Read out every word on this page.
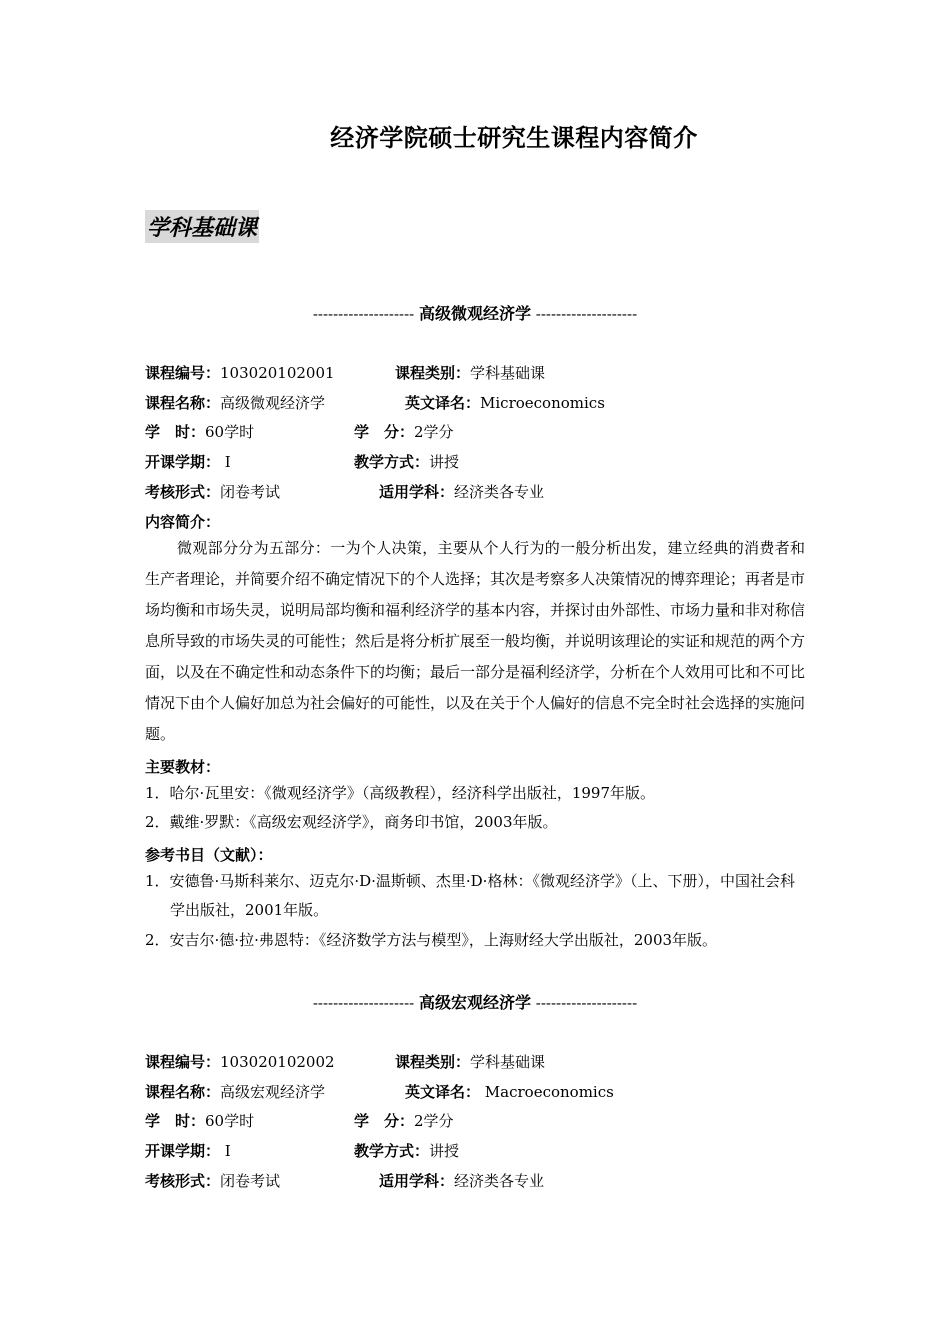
经济学院硕士研究生课程内容简介
学科基础课
-------------------- 高级微观经济学 --------------------
课程编号：103020102001	课程类别：学科基础课
课程名称：高级微观经济学	英文译名：Microeconomics
学　时：60学时	学　分：2学分
开课学期： Ⅰ	教学方式：讲授
考核形式：闭卷考试	适用学科：经济类各专业
内容简介：
微观部分分为五部分：一为个人决策，主要从个人行为的一般分析出发，建立经典的消费者和生产者理论，并简要介绍不确定情况下的个人选择；其次是考察多人决策情况的博弈理论；再者是市场均衡和市场失灵，说明局部均衡和福利经济学的基本内容，并探讨由外部性、市场力量和非对称信息所导致的市场失灵的可能性；然后是将分析扩展至一般均衡，并说明该理论的实证和规范的两个方面，以及在不确定性和动态条件下的均衡；最后一部分是福利经济学，分析在个人效用可比和不可比情况下由个人偏好加总为社会偏好的可能性，以及在关于个人偏好的信息不完全时社会选择的实施问题。
主要教材：
1．哈尔·瓦里安：《微观经济学》（高级教程），经济科学出版社，1997年版。
2．戴维·罗默：《高级宏观经济学》，商务印书馆，2003年版。
参考书目（文献）：
1．安德鲁·马斯科莱尔、迈克尔·D·温斯顿、杰里·D·格林：《微观经济学》（上、下册），中国社会科学出版社，2001年版。
2．安吉尔·德·拉·弗恩特：《经济数学方法与模型》，上海财经大学出版社，2003年版。
-------------------- 高级宏观经济学 --------------------
课程编号：103020102002	课程类别：学科基础课
课程名称：高级宏观经济学	英文译名： Macroeconomics
学　时：60学时	学　分：2学分
开课学期： Ⅰ	教学方式：讲授
考核形式：闭卷考试	适用学科：经济类各专业
